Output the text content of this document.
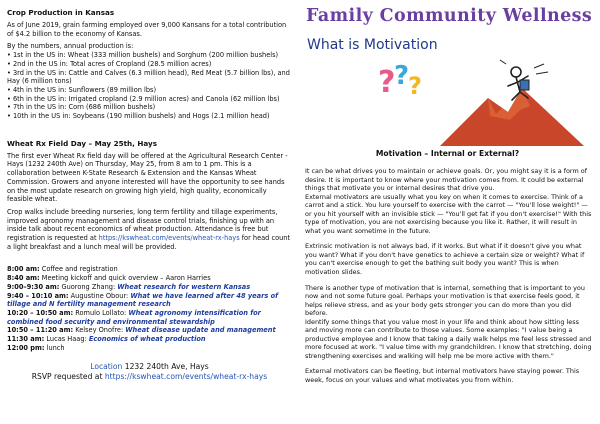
Crop Production in Kansas

As of June 2019, grain farming employed over 9,000 Kansans for a total contribution of $4.2 billion to the economy of Kansas.

By the numbers, annual production is:

• 1st in the US in: Wheat (333 million bushels) and Sorghum (200 million bushels)

• 2nd in the US in: Total acres of Cropland (28.5 million acres)

• 3rd in the US in: Cattle and Calves (6.3 million head), Red Meat (5.7 billion lbs), and Hay (6 million tons)

• 4th in the US in: Sunflowers (89 million lbs)

• 6th in the US in: Irrigated cropland (2.9 million acres) and Canola (62 million lbs)

• 7th in the US in: Corn (686 million bushels)

• 10th in the US in: Soybeans (190 million bushels) and Hogs (2.1 million head)

Wheat Rx Field Day – May 25th, Hays

The first ever Wheat Rx field day will be offered at the Agricultural Research Center - Hays (1232 240th Ave) on Thursday, May 25, from 8 am to 1 pm. This is a collaboration between K-State Research & Extension and the Kansas Wheat Commission. Growers and anyone interested will have the opportunity to see hands on the most update research on growing high yield, high quality, economically feasible wheat.

Crop walks include breeding nurseries, long term fertility and tillage experiments, improved agronomy management and disease control trials, finishing up with an inside talk about recent economics of wheat production. Attendance is free but registration is requested at https://kswheat.com/events/wheat-rx-hays for head count a light breakfast and a lunch meal will be provided.

8:00 am: Coffee and registration

8:40 am: Meeting kickoff and quick overview – Aaron Harries

9:00–9:30 am: Guorong Zhang: Wheat research for western Kansas

9:40 – 10:10 am: Augustine Obour: What we have learned after 48 years of tillage and N fertility management research

10:20 – 10:50 am: Romulo Lollato: Wheat agronomy intensification for combined food security and environmental stewardship

10:50 – 11:20 am: Kelsey Onofre: Wheat disease update and management

11:30 am: Lucas Haag: Economics of wheat production

12:00 pm: lunch

Location 1232 240th Ave, Hays
RSVP requested at https://kswheat.com/events/wheat-rx-hays
Family Community Wellness
What is Motivation
?
?
?
Motivation – Internal or External?

It can be what drives you to maintain or achieve goals. Or, you might say it is a form of desire. It is important to know where your motivation comes from. It could be external things that motivate you or internal desires that drive you.

External motivators are usually what you key on when it comes to exercise. Think of a carrot and a stick. You lure yourself to exercise with the carrot — "You'll lose weight!" — or you hit yourself with an invisible stick — "You'll get fat if you don't exercise!" With this type of motivation, you are not exercising because you like it. Rather, it will result in what you want sometime in the future.

Extrinsic motivation is not always bad, if it works. But what if it doesn't give you what you want? What if you don't have genetics to achieve a certain size or weight? What if you can't exercise enough to get the bathing suit body you want? This is when motivation slides.

There is another type of motivation that is internal, something that is important to you now and not some future goal. Perhaps your motivation is that exercise feels good, it helps relieve stress, and as your body gets stronger you can do more than you did before.

Identify some things that you value most in your life and think about how sitting less and moving more can contribute to those values. Some examples: "I value being a productive employee and I know that taking a daily walk helps me feel less stressed and more focused at work. "I value time with my grandchildren. I know that stretching, doing strengthening exercises and walking will help me be more active with them."

External motivators can be fleeting, but internal motivators have staying power. This week, focus on your values and what motivates you from within.
